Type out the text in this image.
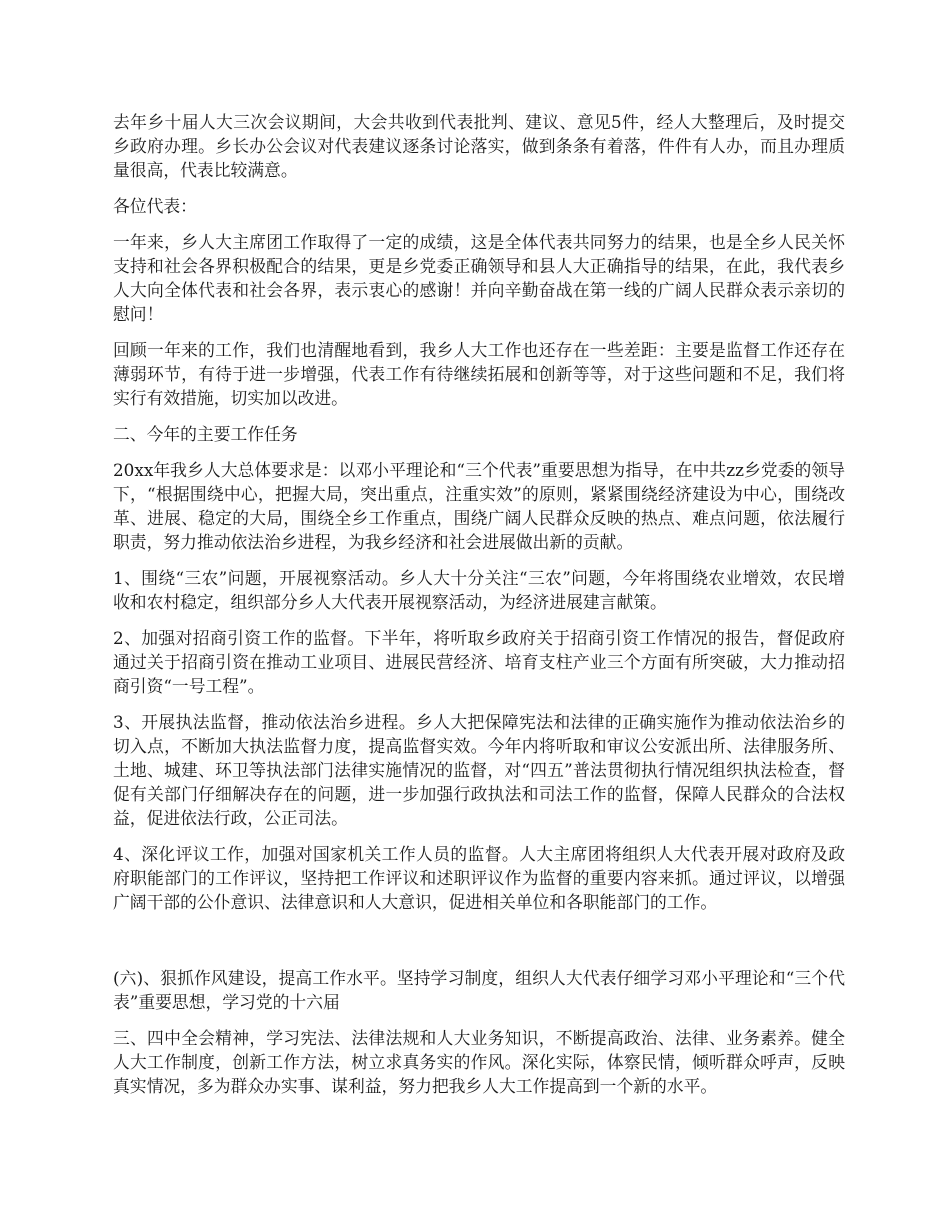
去年乡十届人大三次会议期间，大会共收到代表批判、建议、意见5件，经人大整理后，及时提交乡政府办理。乡长办公会议对代表建议逐条讨论落实，做到条条有着落，件件有人办，而且办理质量很高，代表比较满意。

各位代表：

一年来，乡人大主席团工作取得了一定的成绩，这是全体代表共同努力的结果，也是全乡人民关怀支持和社会各界积极配合的结果，更是乡党委正确领导和县人大正确指导的结果，在此，我代表乡人大向全体代表和社会各界，表示衷心的感谢！并向辛勤奋战在第一线的广阔人民群众表示亲切的慰问！

回顾一年来的工作，我们也清醒地看到，我乡人大工作也还存在一些差距：主要是监督工作还存在薄弱环节，有待于进一步增强，代表工作有待继续拓展和创新等等，对于这些问题和不足，我们将实行有效措施，切实加以改进。

二、今年的主要工作任务

20xx年我乡人大总体要求是：以邓小平理论和“三个代表”重要思想为指导，在中共zz乡党委的领导下，“根据围绕中心，把握大局，突出重点，注重实效”的原则，紧紧围绕经济建设为中心，围绕改革、进展、稳定的大局，围绕全乡工作重点，围绕广阔人民群众反映的热点、难点问题，依法履行职责，努力推动依法治乡进程，为我乡经济和社会进展做出新的贡献。

1、围绕“三农”问题，开展视察活动。乡人大十分关注“三农”问题，今年将围绕农业增效，农民增收和农村稳定，组织部分乡人大代表开展视察活动，为经济进展建言献策。

2、加强对招商引资工作的监督。下半年，将听取乡政府关于招商引资工作情况的报告，督促政府通过关于招商引资在推动工业项目、进展民营经济、培育支柱产业三个方面有所突破，大力推动招商引资“一号工程”。

3、开展执法监督，推动依法治乡进程。乡人大把保障宪法和法律的正确实施作为推动依法治乡的切入点，不断加大执法监督力度，提高监督实效。今年内将听取和审议公安派出所、法律服务所、土地、城建、环卫等执法部门法律实施情况的监督，对“四五”普法贯彻执行情况组织执法检查，督促有关部门仔细解决存在的问题，进一步加强行政执法和司法工作的监督，保障人民群众的合法权益，促进依法行政，公正司法。

4、深化评议工作，加强对国家机关工作人员的监督。人大主席团将组织人大代表开展对政府及政府职能部门的工作评议，坚持把工作评议和述职评议作为监督的重要内容来抓。通过评议，以增强广阔干部的公仆意识、法律意识和人大意识，促进相关单位和各职能部门的工作。

(六)、狠抓作风建设，提高工作水平。坚持学习制度，组织人大代表仔细学习邓小平理论和“三个代表”重要思想，学习党的十六届

三、四中全会精神，学习宪法、法律法规和人大业务知识，不断提高政治、法律、业务素养。健全人大工作制度，创新工作方法，树立求真务实的作风。深化实际，体察民情，倾听群众呼声，反映真实情况，多为群众办实事、谋利益，努力把我乡人大工作提高到一个新的水平。
